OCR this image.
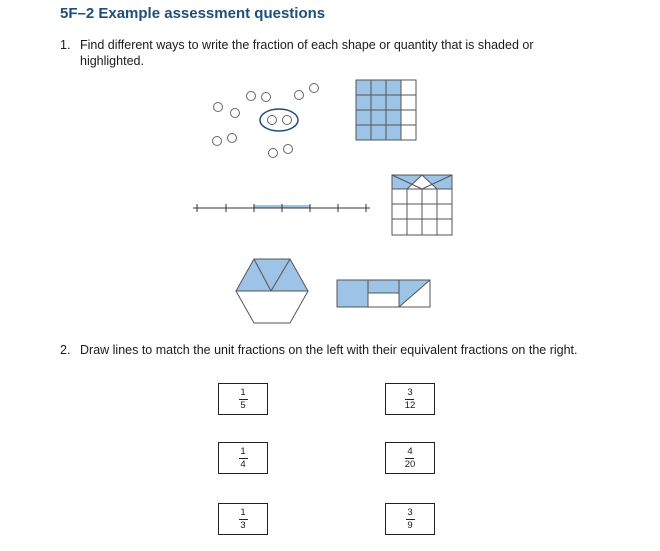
5F–2 Example assessment questions
1. Find different ways to write the fraction of each shape or quantity that is shaded or highlighted.
2. Draw lines to match the unit fractions on the left with their equivalent fractions on the right.
$\frac{1}{5}$
$\frac{1}{4}$
$\frac{1}{3}$
$\frac{3}{12}$
$\frac{4}{20}$
$\frac{3}{9}$
